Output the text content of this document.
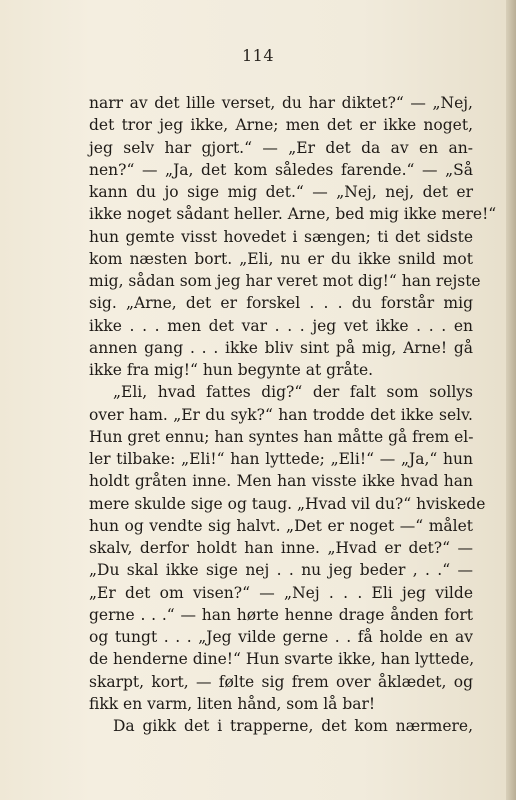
114
narr av det lille verset, du har diktet?“ — „Nej,
det tror jeg ikke, Arne; men det er ikke noget,
jeg selv har gjort.“ — „Er det da av en an-
nen?“ — „Ja, det kom således farende.“ — „Så
kann du jo sige mig det.“ — „Nej, nej, det er
ikke noget sådant heller. Arne, bed mig ikke mere!“
hun gemte visst hovedet i sængen; ti det sidste
kom næsten bort. „Eli, nu er du ikke snild mot
mig, sådan som jeg har veret mot dig!“ han rejste
sig. „Arne, det er forskel . . . du forstår mig
ikke . . . men det var . . . jeg vet ikke . . . en
annen gang . . . ikke bliv sint på mig, Arne! gå
ikke fra mig!“ hun begynte at gråte.
„Eli, hvad fattes dig?“ der falt som sollys
over ham. „Er du syk?“ han trodde det ikke selv.
Hun gret ennu; han syntes han måtte gå frem el-
ler tilbake: „Eli!“ han lyttede; „Eli!“ — „Ja,“ hun
holdt gråten inne. Men han visste ikke hvad han
mere skulde sige og taug. „Hvad vil du?“ hviskede
hun og vendte sig halvt. „Det er noget —“ målet
skalv, derfor holdt han inne. „Hvad er det?“ —
„Du skal ikke sige nej . . nu jeg beder , . .“ —
„Er det om visen?“ — „Nej . . . Eli jeg vilde
gerne . . .“ — han hørte henne drage ånden fort
og tungt . . . „Jeg vilde gerne . . få holde en av
de henderne dine!“ Hun svarte ikke, han lyttede,
skarpt, kort, — følte sig frem over åklædet, og
fikk en varm, liten hånd, som lå bar!
Da gikk det i trapperne, det kom nærmere,
